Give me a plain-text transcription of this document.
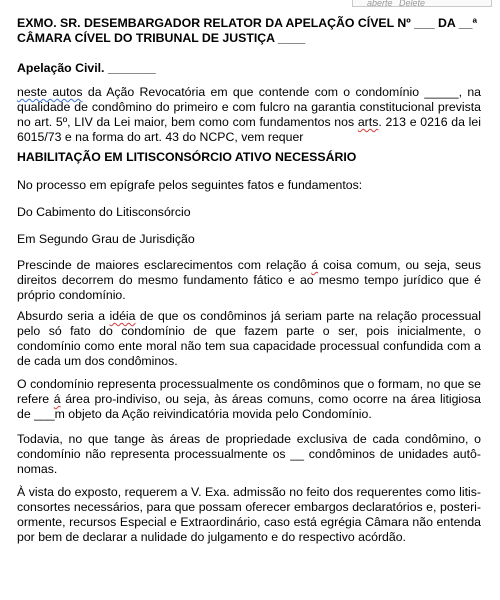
aberte Delete
EXMO. SR. DESEMBARGADOR RELATOR DA APELAÇÃO CÍVEL Nº ___ DA __ª
CÂMARA CÍVEL DO TRIBUNAL DE JUSTIÇA ____
Apelação Civil. _______
neste autos da Ação Revocatória em que contende com o condomínio _____, na qualidade de condômino do primeiro e com fulcro na garantia constitucional prevista no art. 5º, LIV da Lei maior, bem como com fundamentos nos arts. 213 e 0216 da lei 6015/73 e na forma do art. 43 do NCPC, vem requer
HABILITAÇÃO EM LITISCONSÓRCIO ATIVO NECESSÁRIO
No processo em epígrafe pelos seguintes fatos e fundamentos:
Do Cabimento do Litisconsórcio
Em Segundo Grau de Jurisdição
Prescinde de maiores esclarecimentos com relação á coisa comum, ou seja, seus direitos decorrem do mesmo fundamento fático e ao mesmo tempo jurídico que é próprio condomínio.
Absurdo seria a idéia de que os condôminos já seriam parte na relação processual pelo só fato do condomínio de que fazem parte o ser, pois inicialmente, o condomínio como ente moral não tem sua capacidade processual confundida com a de cada um dos condôminos.
O condomínio representa processualmente os condôminos que o formam, no que se refere á área pro-indiviso, ou seja, às áreas comuns, como ocorre na área litigiosa de ___m objeto da Ação reivindicatória movida pelo Condomínio.
Todavia, no que tange às áreas de propriedade exclusiva de cada condômino, o condomínio não representa processualmente os __ condôminos de unidades autô-nomas.
À vista do exposto, requerem a V. Exa. admissão no feito dos requerentes como litis-consortes necessários, para que possam oferecer embargos declaratórios e, posteri-ormente, recursos Especial e Extraordinário, caso está egrégia Câmara não entenda por bem de declarar a nulidade do julgamento e do respectivo acórdão.
